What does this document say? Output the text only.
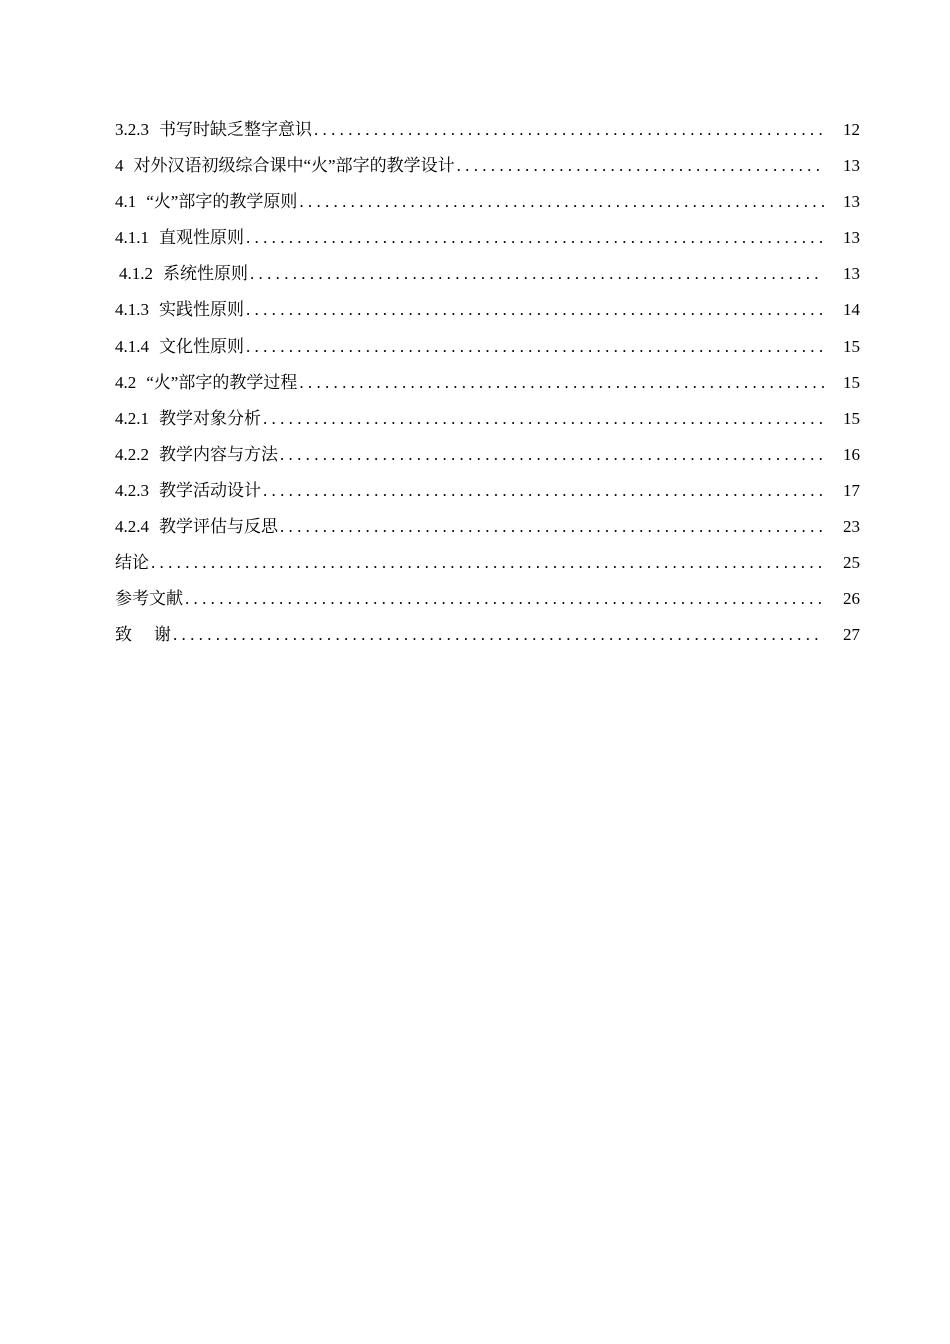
3.2.3 书写时缺乏整字意识 .....	12
4 对外汉语初级综合课中“火”部字的教学设计 .....	13
4.1 “火”部字的教学原则 .....	13
4.1.1 直观性原则 .....	13
4.1.2 系统性原则 .....	13
4.1.3 实践性原则 .....	14
4.1.4 文化性原则 .....	15
4.2 “火”部字的教学过程 .....	15
4.2.1 教学对象分析 .....	15
4.2.2 教学内容与方法 .....	16
4.2.3 教学活动设计 .....	17
4.2.4 教学评估与反思 .....	23
结论 .....	25
参考文献 .....	26
致谢 .....	27
